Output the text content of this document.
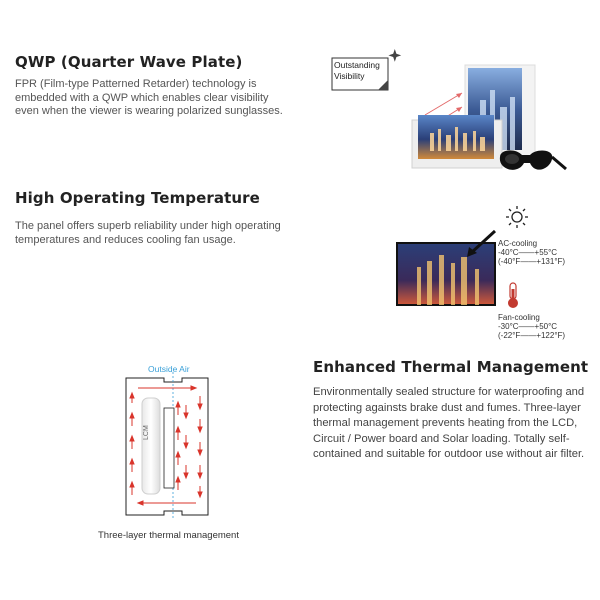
QWP (Quarter Wave Plate)
FPR (Film-type Patterned Retarder) technology is embedded with a QWP which enables clear visibility even when the viewer is wearing polarized sunglasses.
Outstanding
Visibility
High Operating Temperature
The panel offers superb reliability under high operating temperatures and reduces cooling fan usage.	AC-cooling
-40°C——+55°C
(-40°F——+131°F)
Fan-cooling
-30°C——+50°C
(-22°F——+122°F)
Enhanced Thermal Management
Environmentally sealed structure for waterproofing and protecting againsts brake dust and fumes. Three-layer thermal management prevents heating from the LCD, Circuit / Power board and Solar loading. Totally self-contained and suitable for outdoor use without air filter.
Outside Air
LCM
Three-layer thermal management
